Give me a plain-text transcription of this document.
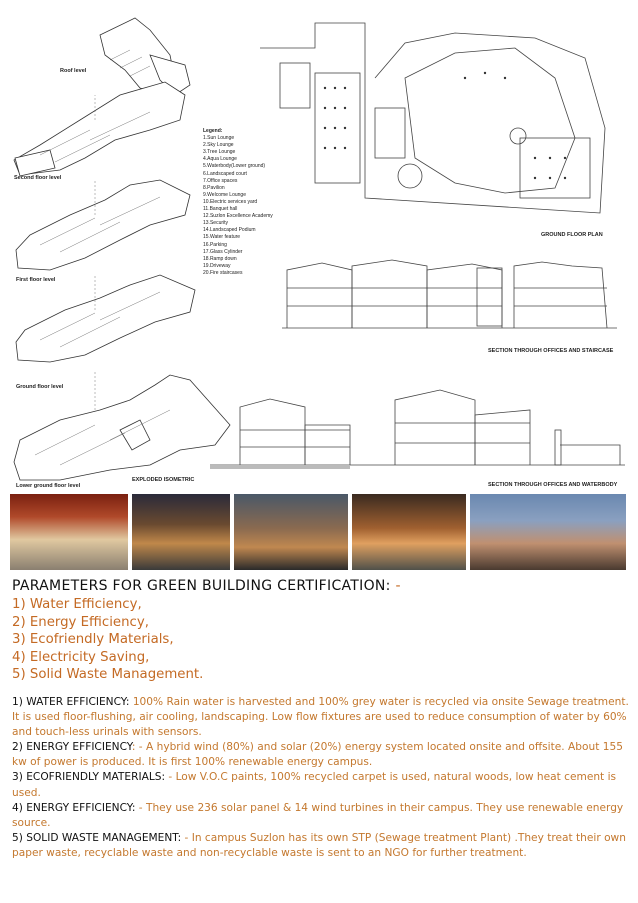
Roof level
Second floor level
First floor level
Ground floor level
Lower ground floor level
EXPLODED ISOMETRIC
Legend:
1.Sun Lounge
2.Sky Lounge
3.Tree Lounge
4.Aqua Lounge
5.Waterbody(Lower ground)
6.Landscaped court
7.Office spaces
8.Pavilion
9.Welcome Lounge
10.Electric services yard
11.Banquet hall
12.Suzlon Excellence Academy
13.Security
14.Landscaped Podium
15.Water feature
16.Parking
17.Glass Cylinder
18.Ramp down
19.Driveway
20.Fire staircases
GROUND FLOOR PLAN
SECTION THROUGH OFFICES AND STAIRCASE
SECTION THROUGH OFFICES AND WATERBODY
PARAMETERS FOR GREEN BUILDING CERTIFICATION: -
1) Water Efficiency,
2) Energy Efficiency,
3) Ecofriendly Materials,
4) Electricity Saving,
5) Solid Waste Management.
1) WATER EFFICIENCY: 100% Rain water is harvested and 100% grey water is recycled via onsite Sewage treatment. It is used floor-flushing, air cooling, landscaping. Low flow fixtures are used to reduce consumption of water by 60% and touch-less urinals with sensors.
2) ENERGY EFFICIENCY: - A hybrid wind (80%) and solar (20%) energy system located onsite and offsite. About 155 kw of power is produced. It is first 100% renewable energy campus.
3) ECOFRIENDLY MATERIALS: - Low V.O.C paints, 100% recycled carpet is used, natural woods, low heat cement is used.
4) ENERGY EFFICIENCY: - They use 236 solar panel & 14 wind turbines in their campus. They use renewable energy source.
5) SOLID WASTE MANAGEMENT: - In campus Suzlon has its own STP (Sewage treatment Plant) .They treat their own paper waste, recyclable waste and non-recyclable waste is sent to an NGO for further treatment.
